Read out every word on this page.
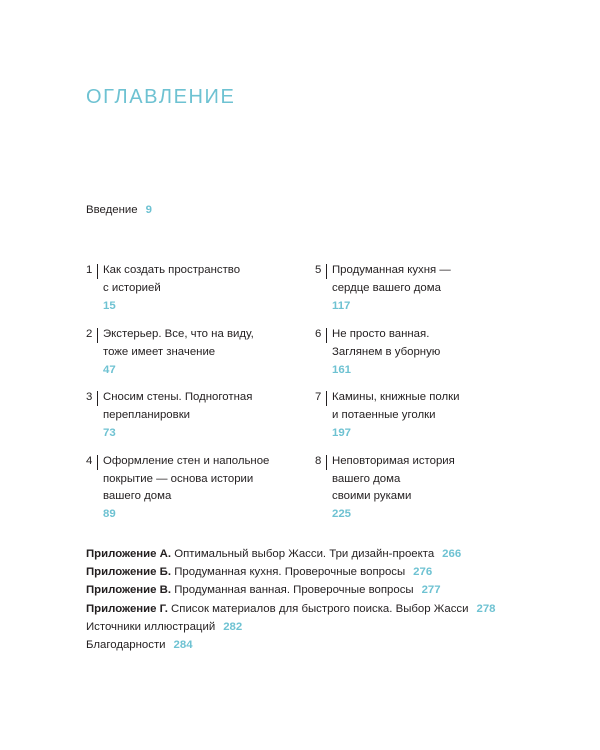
ОГЛАВЛЕНИЕ
Введение 9
1 Как создать пространство
с историей
15
2 Экстерьер. Все, что на виду,
тоже имеет значение
47
3 Сносим стены. Подноготная
перепланировки
73
4 Оформление стен и напольное
покрытие — основа истории
вашего дома
89
5 Продуманная кухня —
сердце вашего дома
117
6 Не просто ванная.
Заглянем в уборную
161
7 Камины, книжные полки
и потаенные уголки
197
8 Неповторимая история
вашего дома
своими руками
225
Приложение А. Оптимальный выбор Жасси. Три дизайн-проекта 266
Приложение Б. Продуманная кухня. Проверочные вопросы 276
Приложение В. Продуманная ванная. Проверочные вопросы 277
Приложение Г. Список материалов для быстрого поиска. Выбор Жасси 278
Источники иллюстраций 282
Благодарности 284
